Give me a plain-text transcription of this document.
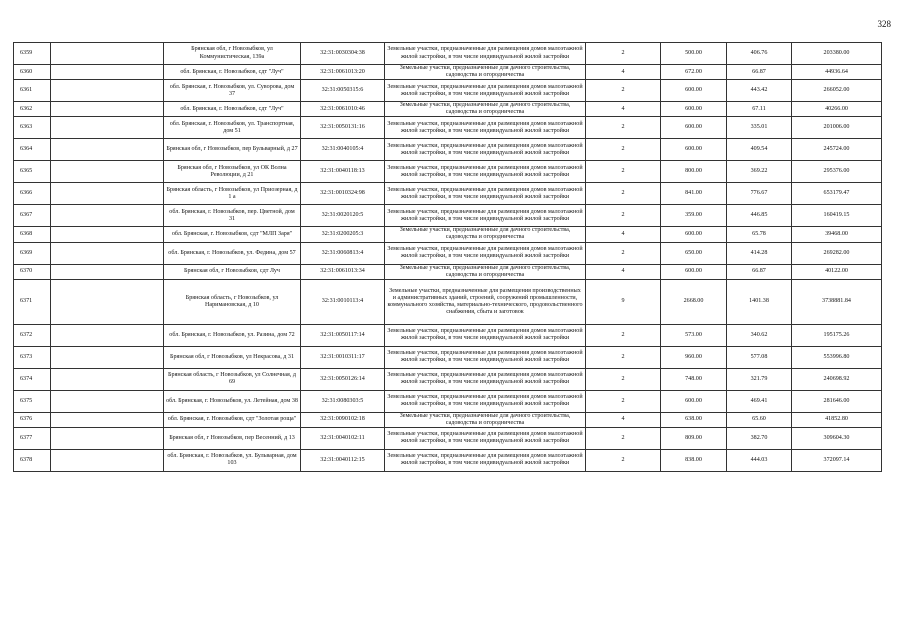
328
6359		Брянская обл, г Новозыбков, ул Коммунистическая, 139а	32:31:0030304:38	Земельные участки, предназначенные для размещения домов малоэтажной жилой застройки, в том числе индивидуальной жилой застройки	2	500.00	406.76	203380.00
6360		обл. Брянская, г. Новозыбков, сдт "Луч"	32:31:0061013:20	Земельные участки, предназначенные для дачного строительства, садоводства и огородничества	4	672.00	66.87	44936.64
6361		обл. Брянская, г. Новозыбков, ул. Суворова, дом 37	32:31:0050315:6	Земельные участки, предназначенные для размещения домов малоэтажной жилой застройки, в том числе индивидуальной жилой застройки	2	600.00	443.42	266052.00
6362		обл. Брянская, г. Новозыбков, сдт "Луч"	32:31:0061010:46	Земельные участки, предназначенные для дачного строительства, садоводства и огородничества	4	600.00	67.11	40266.00
6363		обл. Брянская, г. Новозыбков, ул. Транспортная, дом 51	32:31:0050131:16	Земельные участки, предназначенные для размещения домов малоэтажной жилой застройки, в том числе индивидуальной жилой застройки	2	600.00	335.01	201006.00
6364		Брянская обл, г Новозыбков, пер Бульварный, д 27	32:31:0040105:4	Земельные участки, предназначенные для размещения домов малоэтажной жилой застройки, в том числе индивидуальной жилой застройки	2	600.00	409.54	245724.00
6365		Брянская обл, г Новозыбков, ул ОК Волна Революции, д 21	32:31:0040118:13	Земельные участки, предназначенные для размещения домов малоэтажной жилой застройки, в том числе индивидуальной жилой застройки	2	800.00	369.22	295376.00
6366		Брянская область, г Новозыбков, ул Приозерная, д 1 а	32:31:0010324:98	Земельные участки, предназначенные для размещения домов малоэтажной жилой застройки, в том числе индивидуальной жилой застройки	2	841.00	776.67	653179.47
6367		обл. Брянская, г. Новозыбков, пер. Цветной, дом 31	32:31:0020120:5	Земельные участки, предназначенные для размещения домов малоэтажной жилой застройки, в том числе индивидуальной жилой застройки	2	359.00	446.85	160419.15
6368		обл. Брянская, г. Новозыбков, сдт "МЛП Заря"	32:31:0200205:3	Земельные участки, предназначенные для дачного строительства, садоводства и огородничества	4	600.00	65.78	39468.00
6369		обл. Брянская, г. Новозыбков, ул. Федина, дом 57	32:31:0060813:4	Земельные участки, предназначенные для размещения домов малоэтажной жилой застройки, в том числе индивидуальной жилой застройки	2	650.00	414.28	269282.00
6370		Брянская обл, г Новозыбков, сдт Луч	32:31:0061013:34	Земельные участки, предназначенные для дачного строительства, садоводства и огородничества	4	600.00	66.87	40122.00
6371		Брянская область, г Новозыбков, ул Наримановская, д 10	32:31:0010113:4	Земельные участки, предназначенные для размещения производственных и административных зданий, строений, сооружений промышленности, коммунального хозяйства, материально-технического, продовольственного снабжения, сбыта и заготовок	9	2668.00	1401.38	3738881.84
6372		обл. Брянская, г. Новозыбков, ул. Разина, дом 72	32:31:0050117:14	Земельные участки, предназначенные для размещения домов малоэтажной жилой застройки, в том числе индивидуальной жилой застройки	2	573.00	340.62	195175.26
6373		Брянская обл, г Новозыбков, ул Некрасова, д 31	32:31:0010311:17	Земельные участки, предназначенные для размещения домов малоэтажной жилой застройки, в том числе индивидуальной жилой застройки	2	960.00	577.08	553996.80
6374		Брянская область, г Новозыбков, ул Солнечная, д 69	32:31:0050126:14	Земельные участки, предназначенные для размещения домов малоэтажной жилой застройки, в том числе индивидуальной жилой застройки	2	748.00	321.79	240698.92
6375		обл. Брянская, г. Новозыбков, ул. Летейная, дом 38	32:31:0080303:5	Земельные участки, предназначенные для размещения домов малоэтажной жилой застройки, в том числе индивидуальной жилой застройки	2	600.00	469.41	281646.00
6376		обл. Брянская, г. Новозыбков, сдт "Золотая роща"	32:31:0090102:18	Земельные участки, предназначенные для дачного строительства, садоводства и огородничества	4	638.00	65.60	41852.80
6377		Брянская обл, г Новозыбков, пер Весенний, д 13	32:31:0040102:11	Земельные участки, предназначенные для размещения домов малоэтажной жилой застройки, в том числе индивидуальной жилой застройки	2	809.00	382.70	309604.30
6378		обл. Брянская, г. Новозыбков, ул. Бульварная, дом 103	32:31:0040112:15	Земельные участки, предназначенные для размещения домов малоэтажной жилой застройки, в том числе индивидуальной жилой застройки	2	838.00	444.03	372097.14
